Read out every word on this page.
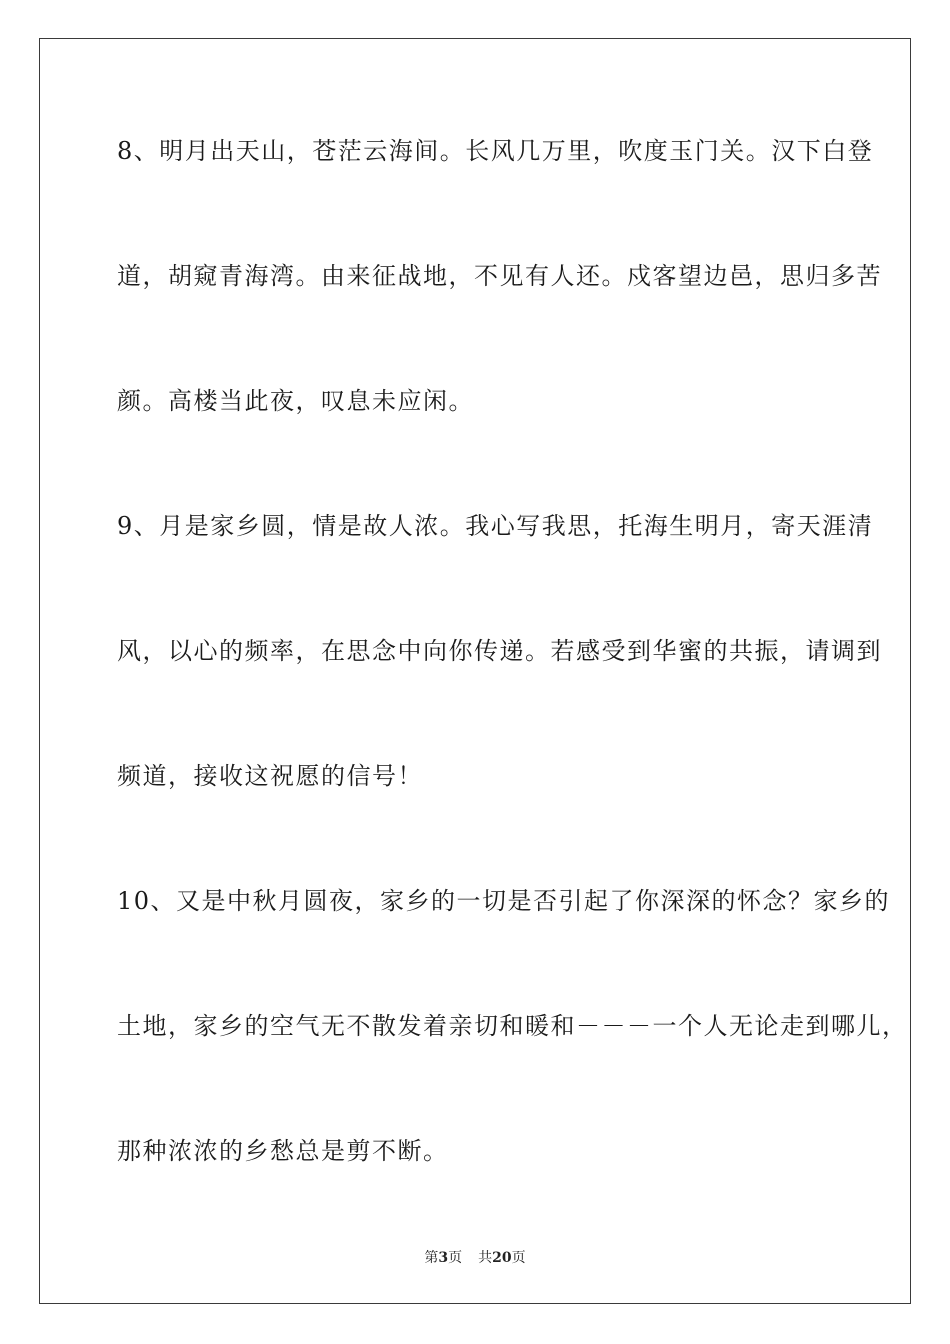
8、明月出天山，苍茫云海间。长风几万里，吹度玉门关。汉下白登
道，胡窥青海湾。由来征战地，不见有人还。戍客望边邑，思归多苦
颜。高楼当此夜，叹息未应闲。
9、月是家乡圆，情是故人浓。我心写我思，托海生明月，寄天涯清
风，以心的频率，在思念中向你传递。若感受到华蜜的共振，请调到
频道，接收这祝愿的信号！
10、又是中秋月圆夜，家乡的一切是否引起了你深深的怀念？家乡的
土地，家乡的空气无不散发着亲切和暖和－－－一个人无论走到哪儿，
那种浓浓的乡愁总是剪不断。
第3页 共20页
